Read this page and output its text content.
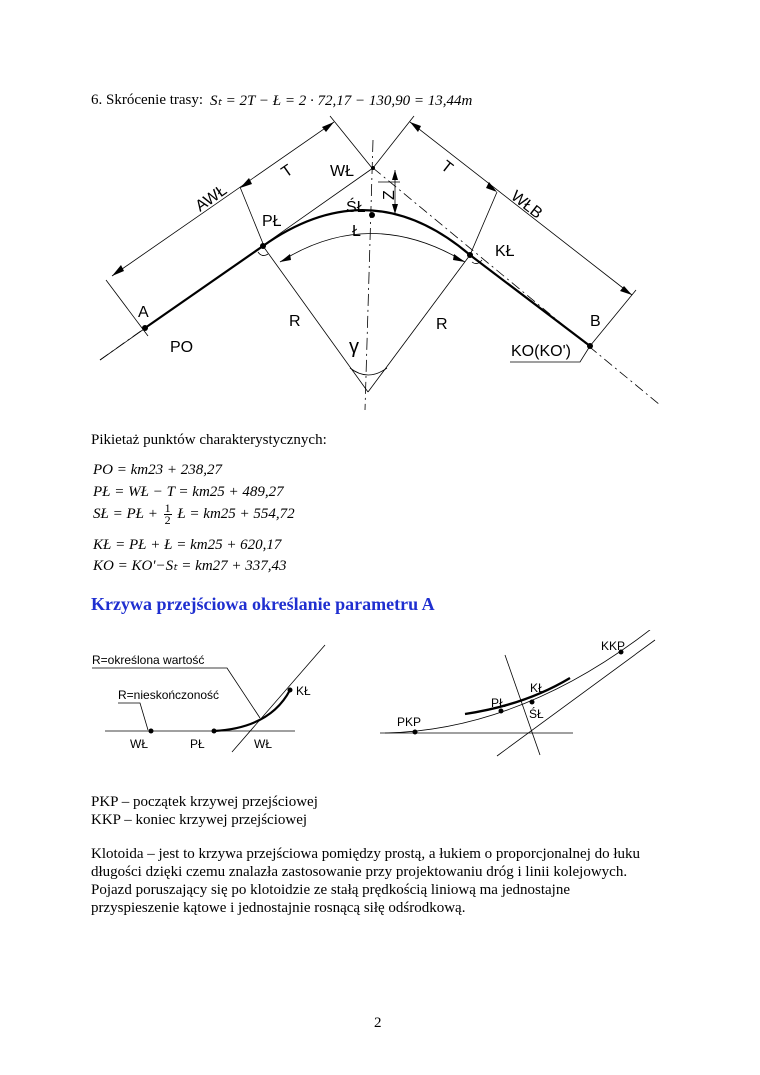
6. Skrócenie trasy: Sₜ = 2T − Ł = 2 · 72,17 − 130,90 = 13,44m
AWŁ
T	T
WŁ
Z
ŚŁ
Ł
PŁ
KŁ
WŁB
A
B
PO	KO(KO')
R	R
γ
Pikietaż punktów charakterystycznych:
PO = km23 + 238,27
PŁ = WŁ − T = km25 + 489,27
SŁ = PŁ + $\frac{1}{2}$ Ł = km25 + 554,72
KŁ = PŁ + Ł = km25 + 620,17
KO = KO'−Sₜ = km27 + 337,43
Krzywa przejściowa określanie parametru A
R=określona wartość
R=nieskończoność	KŁ
WŁ	PŁ	WŁ
KKP
KŁ
PŁ
ŚŁ
PKP
PKP – początek krzywej przejściowej
KKP – koniec krzywej przejściowej
Klotoida – jest to krzywa przejściowa pomiędzy prostą, a łukiem o proporcjonalnej do łuku
długości dzięki czemu znalazła zastosowanie przy projektowaniu dróg i linii kolejowych.
Pojazd poruszający się po klotoidzie ze stałą prędkością liniową ma jednostajne
przyspieszenie kątowe i jednostajnie rosnącą siłę odśrodkową.
2
